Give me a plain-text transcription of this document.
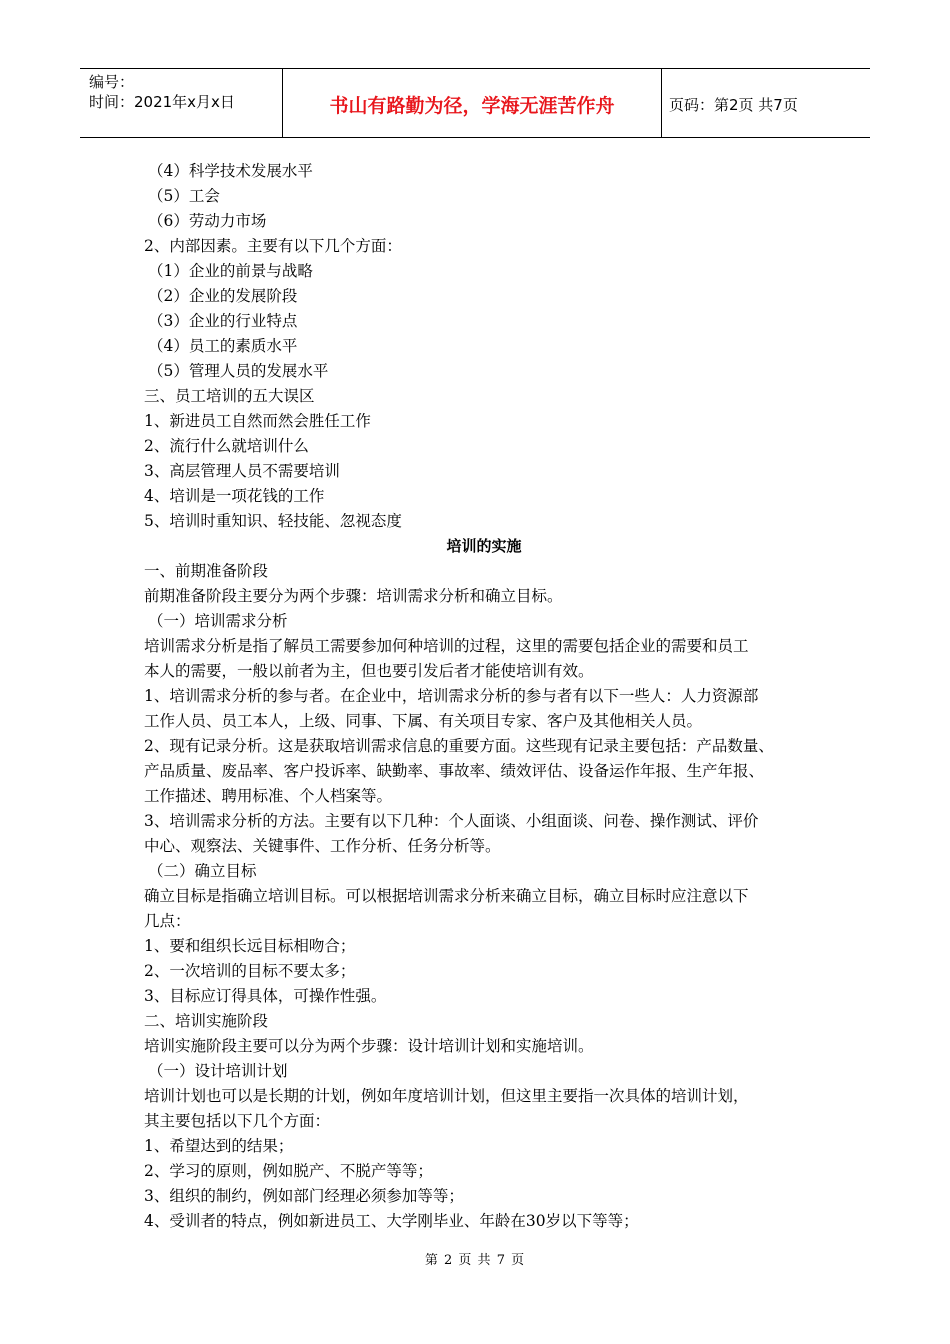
编号：
时间：2021年x月x日	书山有路勤为径，学海无涯苦作舟	页码：第2页 共7页
（4）科学技术发展水平
（5）工会
（6）劳动力市场
2、内部因素。主要有以下几个方面：
（1）企业的前景与战略
（2）企业的发展阶段
（3）企业的行业特点
（4）员工的素质水平
（5）管理人员的发展水平
三、员工培训的五大误区
1、新进员工自然而然会胜任工作
2、流行什么就培训什么
3、高层管理人员不需要培训
4、培训是一项花钱的工作
5、培训时重知识、轻技能、忽视态度
培训的实施
一、前期准备阶段
前期准备阶段主要分为两个步骤：培训需求分析和确立目标。
（一）培训需求分析
培训需求分析是指了解员工需要参加何种培训的过程，这里的需要包括企业的需要和员工
本人的需要，一般以前者为主，但也要引发后者才能使培训有效。
1、培训需求分析的参与者。在企业中，培训需求分析的参与者有以下一些人：人力资源部
工作人员、员工本人，上级、同事、下属、有关项目专家、客户及其他相关人员。
2、现有记录分析。这是获取培训需求信息的重要方面。这些现有记录主要包括：产品数量、
产品质量、废品率、客户投诉率、缺勤率、事故率、绩效评估、设备运作年报、生产年报、
工作描述、聘用标准、个人档案等。
3、培训需求分析的方法。主要有以下几种：个人面谈、小组面谈、问卷、操作测试、评价
中心、观察法、关键事件、工作分析、任务分析等。
（二）确立目标
确立目标是指确立培训目标。可以根据培训需求分析来确立目标，确立目标时应注意以下
几点：
1、要和组织长远目标相吻合；
2、一次培训的目标不要太多；
3、目标应订得具体，可操作性强。
二、培训实施阶段
培训实施阶段主要可以分为两个步骤：设计培训计划和实施培训。
（一）设计培训计划
培训计划也可以是长期的计划，例如年度培训计划，但这里主要指一次具体的培训计划，
其主要包括以下几个方面：
1、希望达到的结果；
2、学习的原则，例如脱产、不脱产等等；
3、组织的制约，例如部门经理必须参加等等；
4、受训者的特点，例如新进员工、大学刚毕业、年龄在30岁以下等等；
第 2 页 共 7 页
